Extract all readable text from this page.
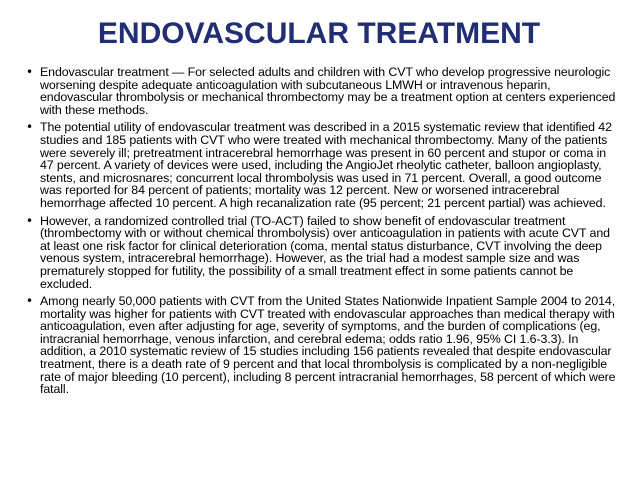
ENDOVASCULAR TREATMENT
• Endovascular treatment — For selected adults and children with CVT who develop progressive neurologic worsening despite adequate anticoagulation with subcutaneous LMWH or intravenous heparin, endovascular thrombolysis or mechanical thrombectomy may be a treatment option at centers experienced with these methods.
• The potential utility of endovascular treatment was described in a 2015 systematic review that identified 42 studies and 185 patients with CVT who were treated with mechanical thrombectomy. Many of the patients were severely ill; pretreatment intracerebral hemorrhage was present in 60 percent and stupor or coma in 47 percent. A variety of devices were used, including the AngioJet rheolytic catheter, balloon angioplasty, stents, and microsnares; concurrent local thrombolysis was used in 71 percent. Overall, a good outcome was reported for 84 percent of patients; mortality was 12 percent. New or worsened intracerebral hemorrhage affected 10 percent. A high recanalization rate (95 percent; 21 percent partial) was achieved.
• However, a randomized controlled trial (TO-ACT) failed to show benefit of endovascular treatment (thrombectomy with or without chemical thrombolysis) over anticoagulation in patients with acute CVT and at least one risk factor for clinical deterioration (coma, mental status disturbance, CVT involving the deep venous system, intracerebral hemorrhage). However, as the trial had a modest sample size and was prematurely stopped for futility, the possibility of a small treatment effect in some patients cannot be excluded.
• Among nearly 50,000 patients with CVT from the United States Nationwide Inpatient Sample 2004 to 2014, mortality was higher for patients with CVT treated with endovascular approaches than medical therapy with anticoagulation, even after adjusting for age, severity of symptoms, and the burden of complications (eg, intracranial hemorrhage, venous infarction, and cerebral edema; odds ratio 1.96, 95% CI 1.6-3.3). In addition, a 2010 systematic review of 15 studies including 156 patients revealed that despite endovascular treatment, there is a death rate of 9 percent and that local thrombolysis is complicated by a non-negligible rate of major bleeding (10 percent), including 8 percent intracranial hemorrhages, 58 percent of which were fatall.
